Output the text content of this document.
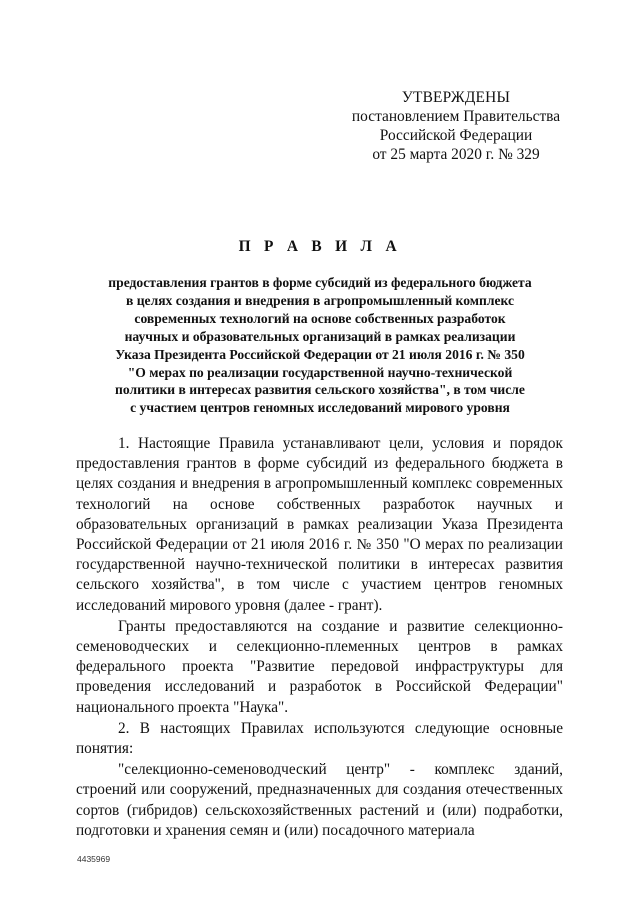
УТВЕРЖДЕНЫ
постановлением Правительства
Российской Федерации
от 25 марта 2020 г. № 329
П Р А В И Л А
предоставления грантов в форме субсидий из федерального бюджета
в целях создания и внедрения в агропромышленный комплекс
современных технологий на основе собственных разработок
научных и образовательных организаций в рамках реализации
Указа Президента Российской Федерации от 21 июля 2016 г. № 350
"О мерах по реализации государственной научно-технической
политики в интересах развития сельского хозяйства", в том числе
с участием центров геномных исследований мирового уровня

1. Настоящие Правила устанавливают цели, условия и порядок предоставления грантов в форме субсидий из федерального бюджета в целях создания и внедрения в агропромышленный комплекс современных технологий на основе собственных разработок научных и образовательных организаций в рамках реализации Указа Президента Российской Федерации от 21 июля 2016 г. № 350 "О мерах по реализации государственной научно-технической политики в интересах развития сельского хозяйства", в том числе с участием центров геномных исследований мирового уровня (далее - грант).

Гранты предоставляются на создание и развитие селекционно-семеноводческих и селекционно-племенных центров в рамках федерального проекта "Развитие передовой инфраструктуры для проведения исследований и разработок в Российской Федерации" национального проекта "Наука".

2. В настоящих Правилах используются следующие основные понятия:

"селекционно-семеноводческий центр" - комплекс зданий, строений или сооружений, предназначенных для создания отечественных сортов (гибридов) сельскохозяйственных растений и (или) подработки, подготовки и хранения семян и (или) посадочного материала

4435969
